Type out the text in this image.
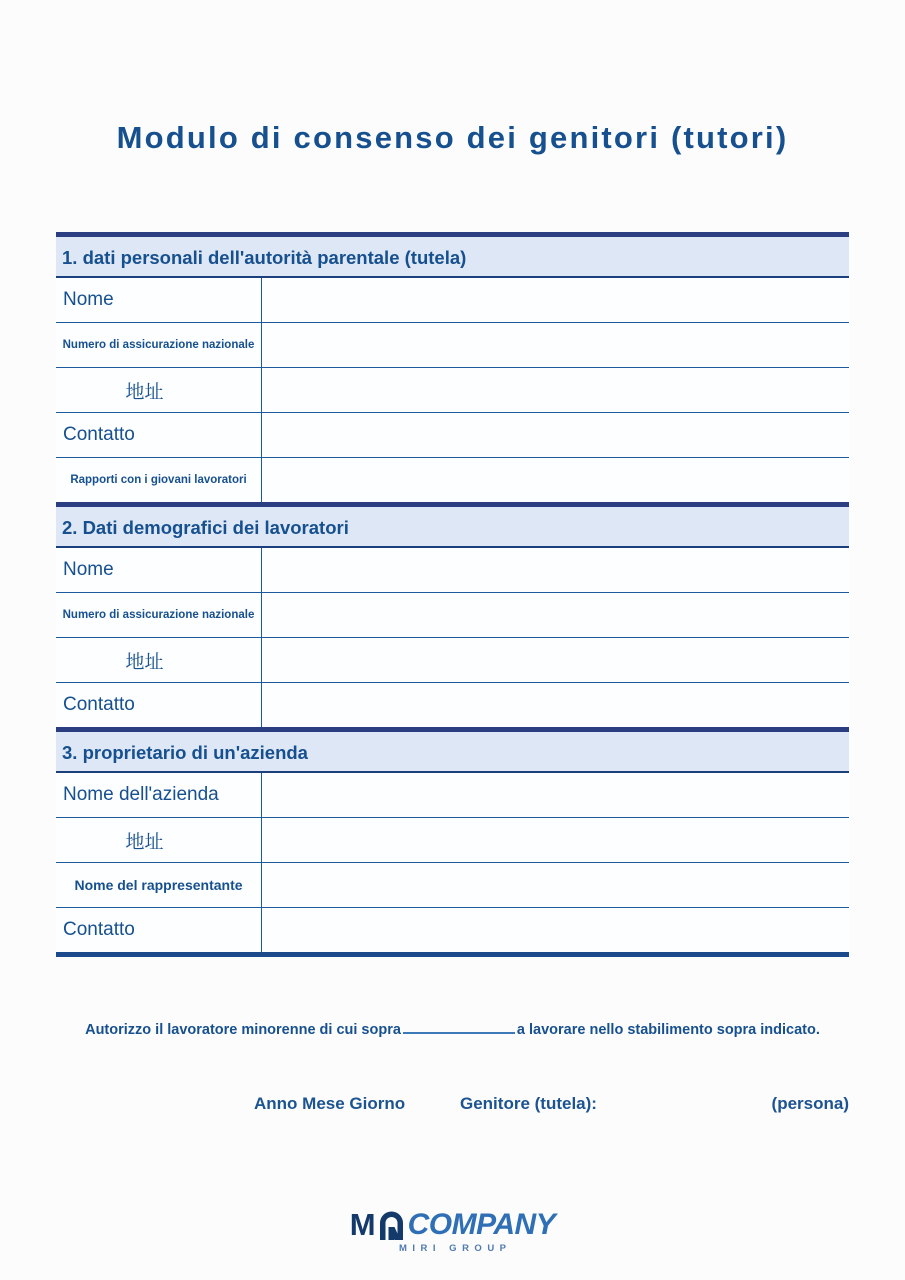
Modulo di consenso dei genitori (tutori)
1. dati personali dell'autorità parentale (tutela)
Nome
Numero di assicurazione nazionale
地址
Contatto
Rapporti con i giovani lavoratori
2. Dati demografici dei lavoratori
Nome
Numero di assicurazione nazionale
地址
Contatto
3. proprietario di un'azienda
Nome dell'azienda
地址
Nome del rappresentante
Contatto
Autorizzo il lavoratore minorenne di cui sopra	a lavorare nello stabilimento sopra indicato.
Anno Mese Giorno	Genitore (tutela):	(persona)
M COMPANY
MIRI GROUP
